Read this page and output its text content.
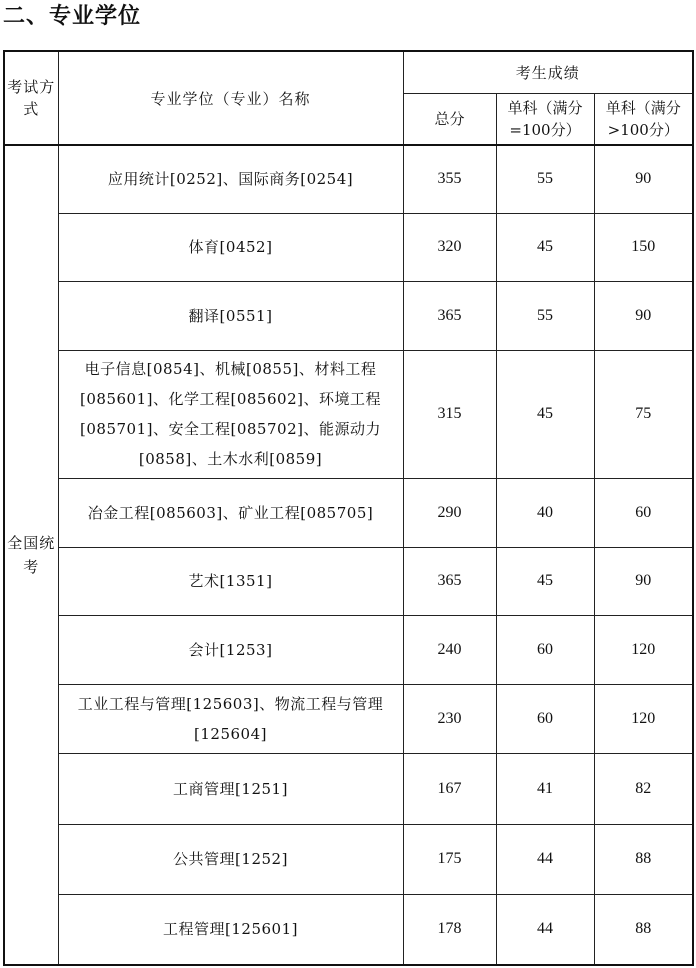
二、专业学位
考试方式	专业学位（专业）名称	考生成绩		
		总分	单科（满分=100分）	单科（满分>100分）
全国统考	应用统计[0252]、国际商务[0254]	355	55	90
	体育[0452]	320	45	150
	翻译[0551]	365	55	90
	电子信息[0854]、机械[0855]、材料工程[085601]、化学工程[085602]、环境工程[085701]、安全工程[085702]、能源动力[0858]、土木水利[0859]	315	45	75
	冶金工程[085603]、矿业工程[085705]	290	40	60
	艺术[1351]	365	45	90
	会计[1253]	240	60	120
	工业工程与管理[125603]、物流工程与管理[125604]	230	60	120
	工商管理[1251]	167	41	82
	公共管理[1252]	175	44	88
	工程管理[125601]	178	44	88
